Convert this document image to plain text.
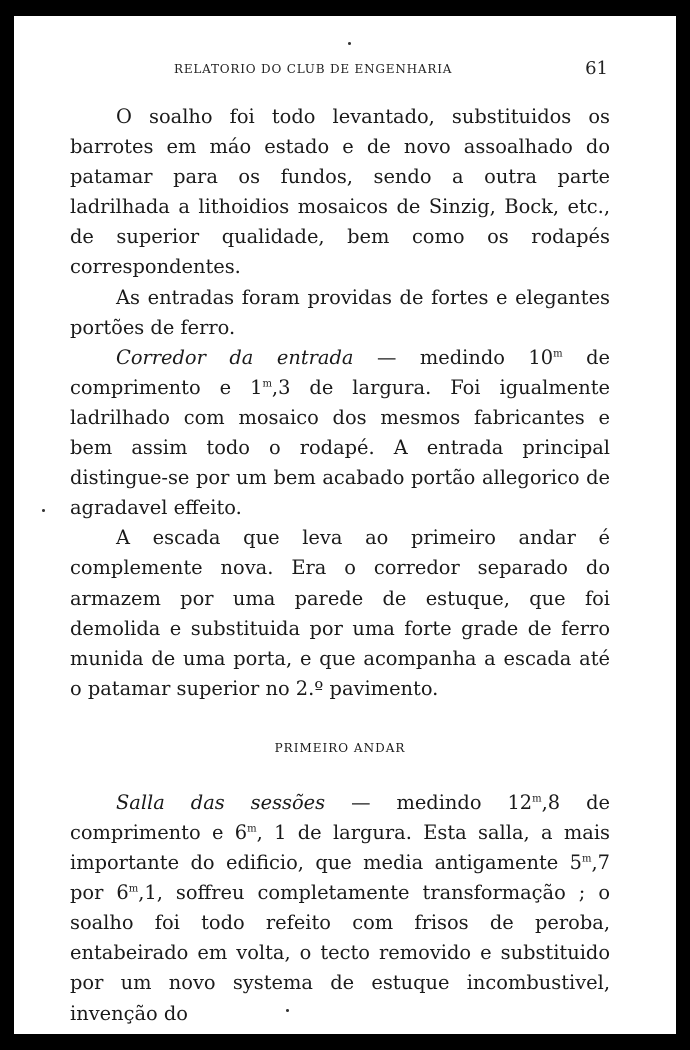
RELATORIO DO CLUB DE ENGENHARIA	61

O soalho foi todo levantado, substituidos os barrotes em máo estado e de novo assoalhado do patamar para os fundos, sendo a outra parte ladrilhada a lithoidios mosaicos de Sinzig, Bock, etc., de superior qualidade, bem como os rodapés correspondentes.

As entradas foram providas de fortes e elegantes portões de ferro.

Corredor da entrada — medindo 10$^m$ de comprimento e 1$^m$,3 de largura. Foi igualmente ladrilhado com mosaico dos mesmos fabricantes e bem assim todo o rodapé. A entrada principal distingue-se por um bem acabado portão allegorico de agradavel effeito.

A escada que leva ao primeiro andar é complemente nova. Era o corredor separado do armazem por uma parede de estuque, que foi demolida e substituida por uma forte grade de ferro munida de uma porta, e que acompanha a escada até o patamar superior no 2.º pavimento.

PRIMEIRO ANDAR

Salla das sessões — medindo 12$^m$,8 de comprimento e 6$^m$, 1 de largura. Esta salla, a mais importante do edificio, que media antigamente 5$^m$,7 por 6$^m$,1, soffreu completamente transformação ; o soalho foi todo refeito com frisos de peroba, entabeirado em volta, o tecto removido e substituido por um novo systema de estuque incombustivel, invenção do
